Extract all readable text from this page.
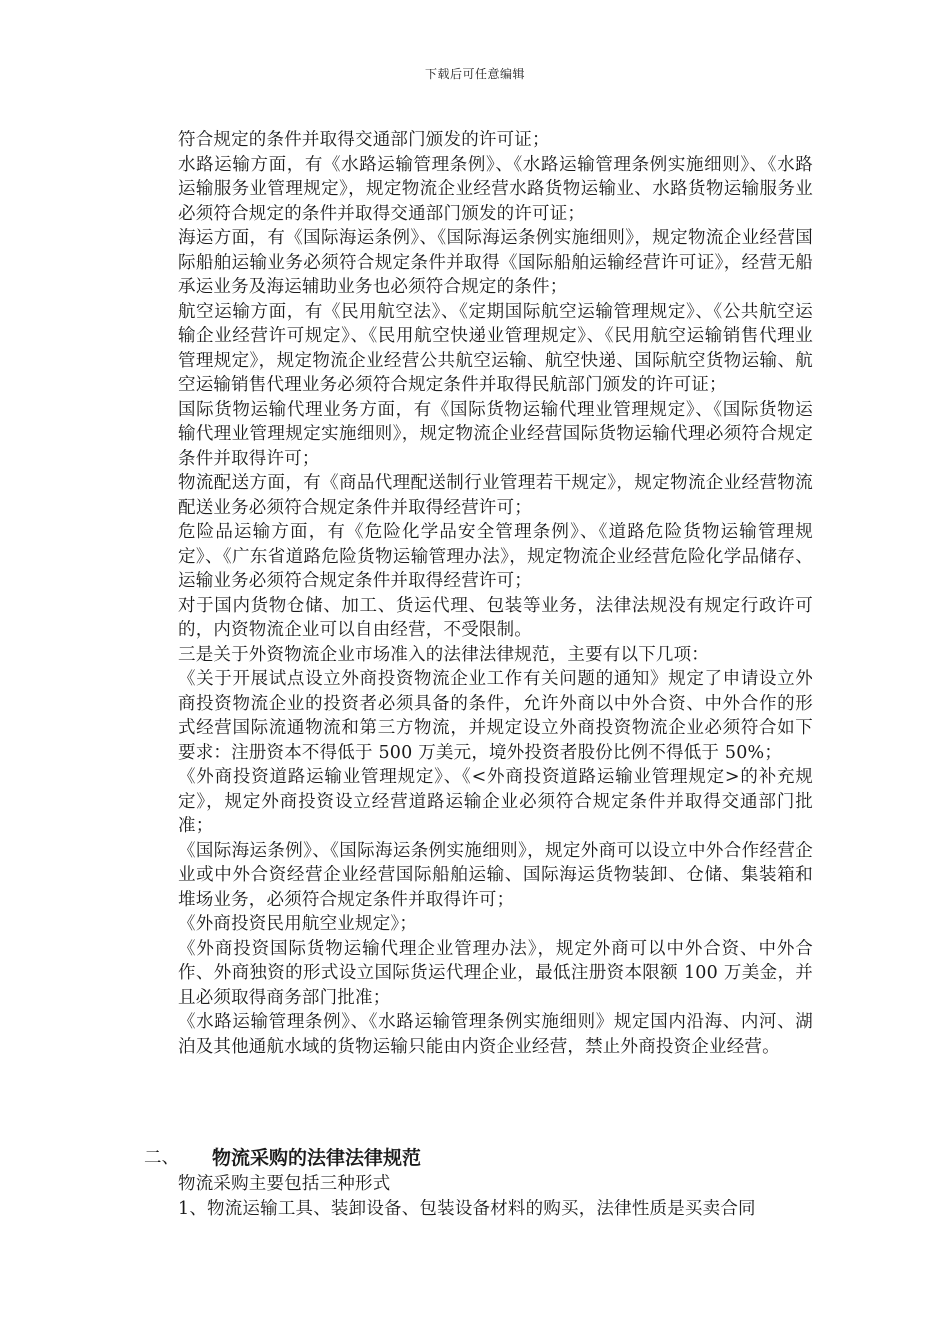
下载后可任意编辑

符合规定的条件并取得交通部门颁发的许可证；

水路运输方面，有《水路运输管理条例》、《水路运输管理条例实施细则》、《水路运输服务业管理规定》，规定物流企业经营水路货物运输业、水路货物运输服务业必须符合规定的条件并取得交通部门颁发的许可证；

海运方面，有《国际海运条例》、《国际海运条例实施细则》，规定物流企业经营国际船舶运输业务必须符合规定条件并取得《国际船舶运输经营许可证》，经营无船承运业务及海运辅助业务也必须符合规定的条件；

航空运输方面，有《民用航空法》、《定期国际航空运输管理规定》、《公共航空运输企业经营许可规定》、《民用航空快递业管理规定》、《民用航空运输销售代理业管理规定》，规定物流企业经营公共航空运输、航空快递、国际航空货物运输、航空运输销售代理业务必须符合规定条件并取得民航部门颁发的许可证；

国际货物运输代理业务方面，有《国际货物运输代理业管理规定》、《国际货物运输代理业管理规定实施细则》，规定物流企业经营国际货物运输代理必须符合规定条件并取得许可；

物流配送方面，有《商品代理配送制行业管理若干规定》，规定物流企业经营物流配送业务必须符合规定条件并取得经营许可；

危险品运输方面，有《危险化学品安全管理条例》、《道路危险货物运输管理规定》、《广东省道路危险货物运输管理办法》，规定物流企业经营危险化学品储存、运输业务必须符合规定条件并取得经营许可；

对于国内货物仓储、加工、货运代理、包装等业务，法律法规没有规定行政许可的，内资物流企业可以自由经营，不受限制。

三是关于外资物流企业市场准入的法律法律规范，主要有以下几项：

《关于开展试点设立外商投资物流企业工作有关问题的通知》规定了申请设立外商投资物流企业的投资者必须具备的条件，允许外商以中外合资、中外合作的形式经营国际流通物流和第三方物流，并规定设立外商投资物流企业必须符合如下要求：注册资本不得低于 500 万美元，境外投资者股份比例不得低于 50%；

《外商投资道路运输业管理规定》、《<外商投资道路运输业管理规定>的补充规定》，规定外商投资设立经营道路运输企业必须符合规定条件并取得交通部门批准；

《国际海运条例》、《国际海运条例实施细则》，规定外商可以设立中外合作经营企业或中外合资经营企业经营国际船舶运输、国际海运货物装卸、仓储、集装箱和堆场业务，必须符合规定条件并取得许可；

《外商投资民用航空业规定》；

《外商投资国际货物运输代理企业管理办法》，规定外商可以中外合资、中外合作、外商独资的形式设立国际货运代理企业，最低注册资本限额 100 万美金，并且必须取得商务部门批准；

《水路运输管理条例》、《水路运输管理条例实施细则》规定国内沿海、内河、湖泊及其他通航水域的货物运输只能由内资企业经营，禁止外商投资企业经营。

二、 物流采购的法律法律规范

物流采购主要包括三种形式

1、物流运输工具、装卸设备、包装设备材料的购买，法律性质是买卖合同
